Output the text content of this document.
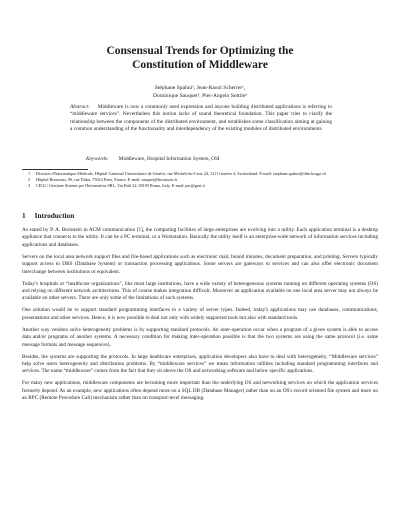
Consensual Trends for Optimizing the
Constitution of Middleware
Stéphane Spahni¹, Jean-Raoul Scherrer¹,
Dominique Sauquet², Pier-Angelo Sottile³
Abstract: Middleware is now a commonly used expression and anyone building distributed applications is referring to “middleware services”. Nevertheless this notion lacks of sound theoretical foundation. This paper tries to clarify the relationship between the components of the distributed environment, and establishes some classification aiming at gaining a common understanding of the functionality and interdependency of the existing modules of distributed environments.
Keywords: Middleware, Hospital Information System, OSI
1 Division d'Informatique Médicale, Hôpital Cantonal Universitaire de Genève, rue Micheli-du-Crest 24, 1211 Genève 4, Switzerland. E-mail: stephane.spahni@dim.hcuge.ch
2 Hôpital Broussais, 96, rue Didot, 75014 Paris, France. E-mail: sauquet@broussais.fr
3 CEGI / Gestione Sistemi per l'Informatica SRL, Via Roli 32, 00195 Roma, Italy. E-mail: pas@gesi.it
1 Introduction

As stated by P. A. Bernstein in ACM communication [1], the computing facilities of large enterprises are evolving into a utility. Each application terminal is a desktop appliance that connects to the utility. It can be a PC terminal, or a Workstation. Basically the utility itself is an enterprise-wide network of information services including applications and databases.

Servers on the local area network support files and file-based applications such as electronic mail, bound minutes, document preparation, and printing. Servers typically support access to DBS (Database System) or transaction processing applications. Some servers are gateways to services and can also offer electronic document interchange between institutions or equivalent.

Today's hospitals or “healthcare organizations”, like most large institutions, have a wide variety of heterogeneous systems running on different operating systems (OS) and relying on different network architectures. This of course makes integration difficult. Moreover an application available on one local area server may not always be available on other servers. There are only some of the limitations of such systems.

One solution would be to support standard programming interfaces to a variety of server types. Indeed, today's applications may use databases, communications, presentations and other services. Hence, it is now possible to deal not only with widely supported tools but also with standard tools.

Another way vendors solve heterogeneity problems is by supporting standard protocols. An inter-operation occur when a program of a given system is able to access data and/or programs of another systems. A necessary condition for making inter-operation possible is that the two systems are using the same protocol (i.e. same message formats and message sequences).

Besides, the systems are supporting the protocols. In large healthcare enterprises, application developers also have to deal with heterogeneity. “Middleware services” help solve users heterogeneity and distribution problems. By “middleware services” we mean information utilities including standard programming interfaces and services. The name “middleware” comes from the fact that they sit above the OS and networking software and below specific applications.

For many new applications, middleware components are becoming more important than the underlying OS and networking services on which the application services formerly depend. As an example, new applications often depend more on a SQL DB (Database Manager) rather than on an OS's record oriented file system and more on an RPC (Remote Procedure Call) mechanism rather than on transport-level messaging.
